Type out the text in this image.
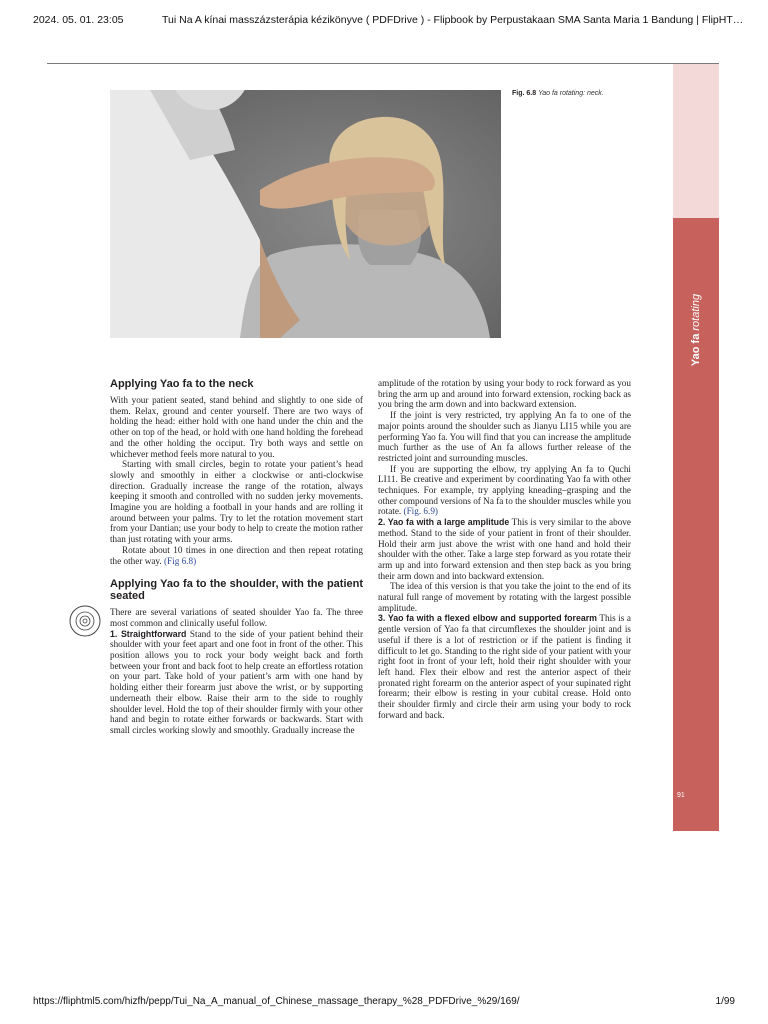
2024. 05. 01. 23:05	Tui Na A kínai masszázsterápia kézikönyve ( PDFDrive ) - Flipbook by Perpustakaan SMA Santa Maria 1 Bandung | FlipHT…
Yao fa rotating
91
Fig. 6.8 Yao fa rotating: neck.
Applying Yao fa to the neck

With your patient seated, stand behind and slightly to one side of them. Relax, ground and center yourself. There are two ways of holding the head: either hold with one hand under the chin and the other on top of the head, or hold with one hand holding the forehead and the other holding the occiput. Try both ways and settle on whichever method feels more natural to you.

Starting with small circles, begin to rotate your patient’s head slowly and smoothly in either a clockwise or anti-clockwise direction. Gradually increase the range of the rotation, always keeping it smooth and controlled with no sudden jerky movements. Imagine you are holding a football in your hands and are rolling it around between your palms. Try to let the rotation movement start from your Dantian; use your body to help to create the motion rather than just rotating with your arms.

Rotate about 10 times in one direction and then repeat rotating the other way. (Fig 6.8)

Applying Yao fa to the shoulder, with the patient seated

There are several variations of seated shoulder Yao fa. The three most common and clinically useful follow.

1. Straightforward Stand to the side of your patient behind their shoulder with your feet apart and one foot in front of the other. This position allows you to rock your body weight back and forth between your front and back foot to help create an effortless rotation on your part. Take hold of your patient’s arm with one hand by holding either their forearm just above the wrist, or by supporting underneath their elbow. Raise their arm to the side to roughly shoulder level. Hold the top of their shoulder firmly with your other hand and begin to rotate either forwards or backwards. Start with small circles working slowly and smoothly. Gradually increase the

amplitude of the rotation by using your body to rock forward as you bring the arm up and around into forward extension, rocking back as you bring the arm down and into backward extension.

If the joint is very restricted, try applying An fa to one of the major points around the shoulder such as Jianyu LI15 while you are performing Yao fa. You will find that you can increase the amplitude much further as the use of An fa allows further release of the restricted joint and surrounding muscles.

If you are supporting the elbow, try applying An fa to Quchi LI11. Be creative and experiment by coordinating Yao fa with other techniques. For example, try applying kneading–grasping and the other compound versions of Na fa to the shoulder muscles while you rotate. (Fig. 6.9)

2. Yao fa with a large amplitude This is very similar to the above method. Stand to the side of your patient in front of their shoulder. Hold their arm just above the wrist with one hand and hold their shoulder with the other. Take a large step forward as you rotate their arm up and into forward extension and then step back as you bring their arm down and into backward extension.

The idea of this version is that you take the joint to the end of its natural full range of movement by rotating with the largest possible amplitude.

3. Yao fa with a flexed elbow and supported forearm This is a gentle version of Yao fa that circumflexes the shoulder joint and is useful if there is a lot of restriction or if the patient is finding it difficult to let go. Standing to the right side of your patient with your right foot in front of your left, hold their right shoulder with your left hand. Flex their elbow and rest the anterior aspect of their pronated right forearm on the anterior aspect of your supinated right forearm; their elbow is resting in your cubital crease. Hold onto their shoulder firmly and circle their arm using your body to rock forward and back.

https://fliphtml5.com/hizfh/pepp/Tui_Na_A_manual_of_Chinese_massage_therapy_%28_PDFDrive_%29/169/	1/99
